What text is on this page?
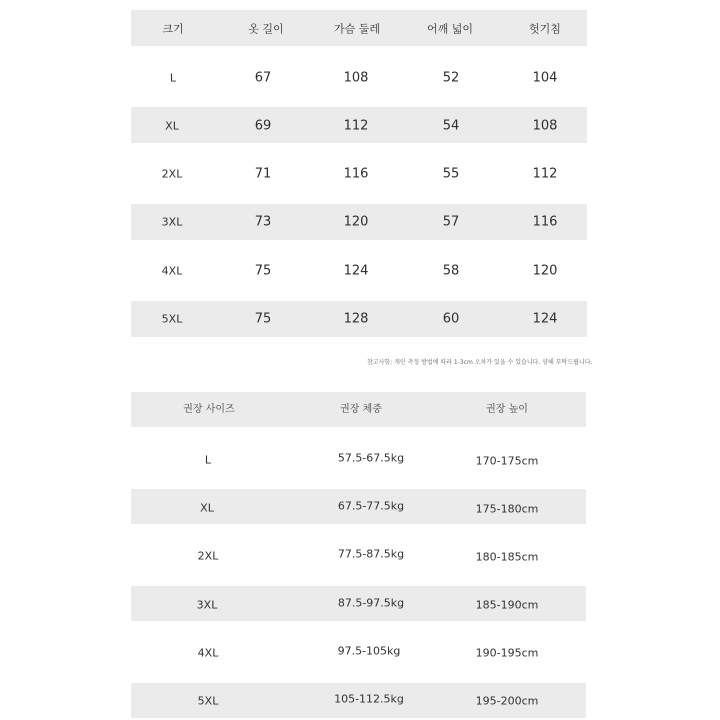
크기	옷 길이	가슴 둘레	어깨 넓이	헛기침
L	67	108	52	104
XL	69	112	54	108
2XL	71	116	55	112
3XL	73	120	57	116
4XL	75	124	58	120
5XL	75	128	60	124
참고사항: 개인 측정 방법에 따라 1-3cm 오차가 있을 수 있습니다. 양해 부탁드립니다.
권장 사이즈	권장 체중	권장 높이
L	57.5-67.5kg	170-175cm
XL	67.5-77.5kg	175-180cm
2XL	77.5-87.5kg	180-185cm
3XL	87.5-97.5kg	185-190cm
4XL	97.5-105kg	190-195cm
5XL	105-112.5kg	195-200cm
